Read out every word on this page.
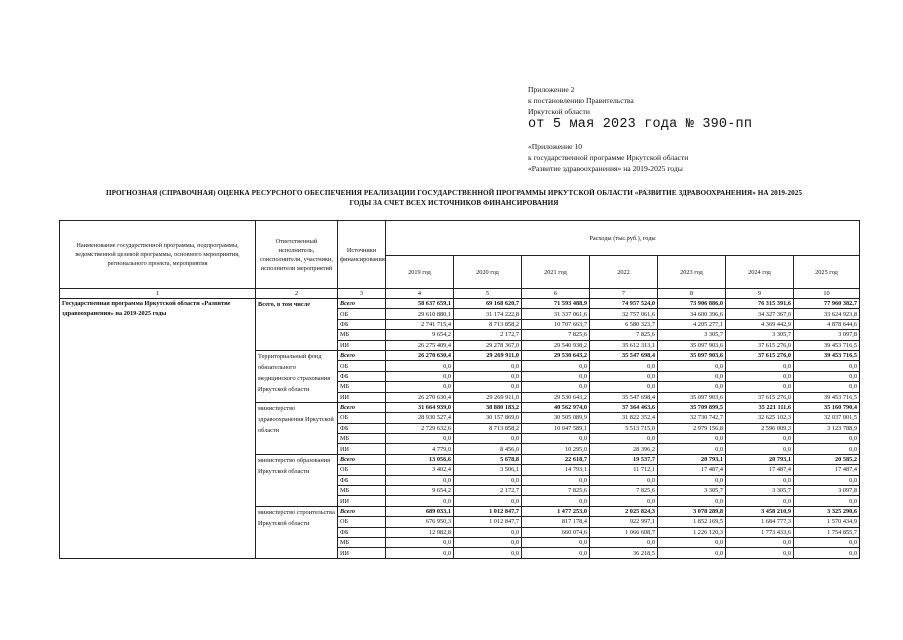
Приложение 2
к постановлению Правительства
Иркутской области
от 5 мая 2023 года № 390-пп
«Приложение 10
к государственной программе Иркутской области
«Развитие здравоохранения» на 2019-2025 годы
ПРОГНОЗНАЯ (СПРАВОЧНАЯ) ОЦЕНКА РЕСУРСНОГО ОБЕСПЕЧЕНИЯ РЕАЛИЗАЦИИ ГОСУДАРСТВЕННОЙ ПРОГРАММЫ ИРКУТСКОЙ ОБЛАСТИ «РАЗВИТИЕ ЗДРАВООХРАНЕНИЯ» НА 2019-2025
ГОДЫ ЗА СЧЕТ ВСЕХ ИСТОЧНИКОВ ФИНАНСИРОВАНИЯ
Наименование государственной программы, подпрограммы, ведомственной целевой программы, основного мероприятия, регионального проекта, мероприятия	Ответственный исполнитель, соисполнители, участники, исполнители мероприятий	Источники финансирования	Расходы (тыс.руб.), годы						
			2019 год	2020 год	2021 год	2022	2023 год	2024 год	2025 год
1	2	3	4	5	6	7	8	9	10
Государственная программа Иркутской области «Развитие здравоохранения» на 2019-2025 годы	Всего, в том числе	Всего	58 637 659,1	69 168 620,7	71 593 488,9	74 957 524,0	73 906 886,0	76 315 391,6	77 960 382,7
		ОБ	29 610 880,1	31 174 222,8	31 337 061,6	32 757 061,6	34 600 396,6	34 327 367,0	33 624 923,8
		ФБ	2 741 715,4	8 713 858,2	10 707 663,7	6 580 323,7	4 205 277,1	4 369 442,9	4 878 644,6
		МБ	9 654,2	2 172,7	7 825,6	7 825,6	3 305,7	3 305,7	3 097,8
		ИИ	26 275 409,4	29 278 367,0	29 540 938,2	35 612 313,1	35 097 903,6	37 615 276,0	39 453 716,5
	Территориальный фонд обязательного медицинского страхования Иркутской области	Всего	26 270 630,4	29 269 911,0	29 530 643,2	35 547 698,4	35 097 903,6	37 615 276,0	39 453 716,5
		ОБ	0,0	0,0	0,0	0,0	0,0	0,0	0,0
		ФБ	0,0	0,0	0,0	0,0	0,0	0,0	0,0
		МБ	0,0	0,0	0,0	0,0	0,0	0,0	0,0
		ИИ	26 270 630,4	29 269 911,0	29 530 643,2	35 547 698,4	35 097 903,6	37 615 276,0	39 453 716,5
	министерство здравоохранения Иркутской области	Всего	31 664 939,0	38 880 183,2	40 562 974,0	37 364 463,6	35 709 899,5	35 221 111,6	35 160 790,4
		ОБ	28 930 527,4	30 157 869,0	30 505 089,9	31 822 352,4	32 730 742,7	32 625 102,3	32 037 001,5
		ФБ	2 729 632,6	8 713 858,2	10 047 589,1	5 513 715,0	2 979 156,8	2 596 009,3	3 123 788,9
		МБ	0,0	0,0	0,0	0,0	0,0	0,0	0,0
		ИИ	4 779,0	8 456,0	10 295,0	28 396,2	0,0	0,0	0,0
	министерство образования Иркутской области	Всего	13 056,6	5 678,8	22 618,7	19 537,7	20 793,1	20 793,1	20 585,2
		ОБ	3 402,4	3 506,1	14 793,1	11 712,1	17 487,4	17 487,4	17 487,4
		ФБ	0,0	0,0	0,0	0,0	0,0	0,0	0,0
		МБ	9 654,2	2 172,7	7 825,6	7 825,6	3 305,7	3 305,7	3 097,8
		ИИ	0,0	0,0	0,0	0,0	0,0	0,0	0,0
	министерство строительства Иркутской области	Всего	689 033,1	1 012 847,7	1 477 253,0	2 025 824,3	3 078 289,8	3 458 210,9	3 325 290,6
		ОБ	676 950,3	1 012 847,7	817 178,4	922 997,1	1 852 169,5	1 684 777,3	1 570 434,9
		ФБ	12 082,8	0,0	660 074,6	1 066 608,7	1 226 120,3	1 773 433,6	1 754 855,7
		МБ	0,0	0,0	0,0	0,0	0,0	0,0	0,0
		ИИ	0,0	0,0	0,0	36 218,5	0,0	0,0	0,0
